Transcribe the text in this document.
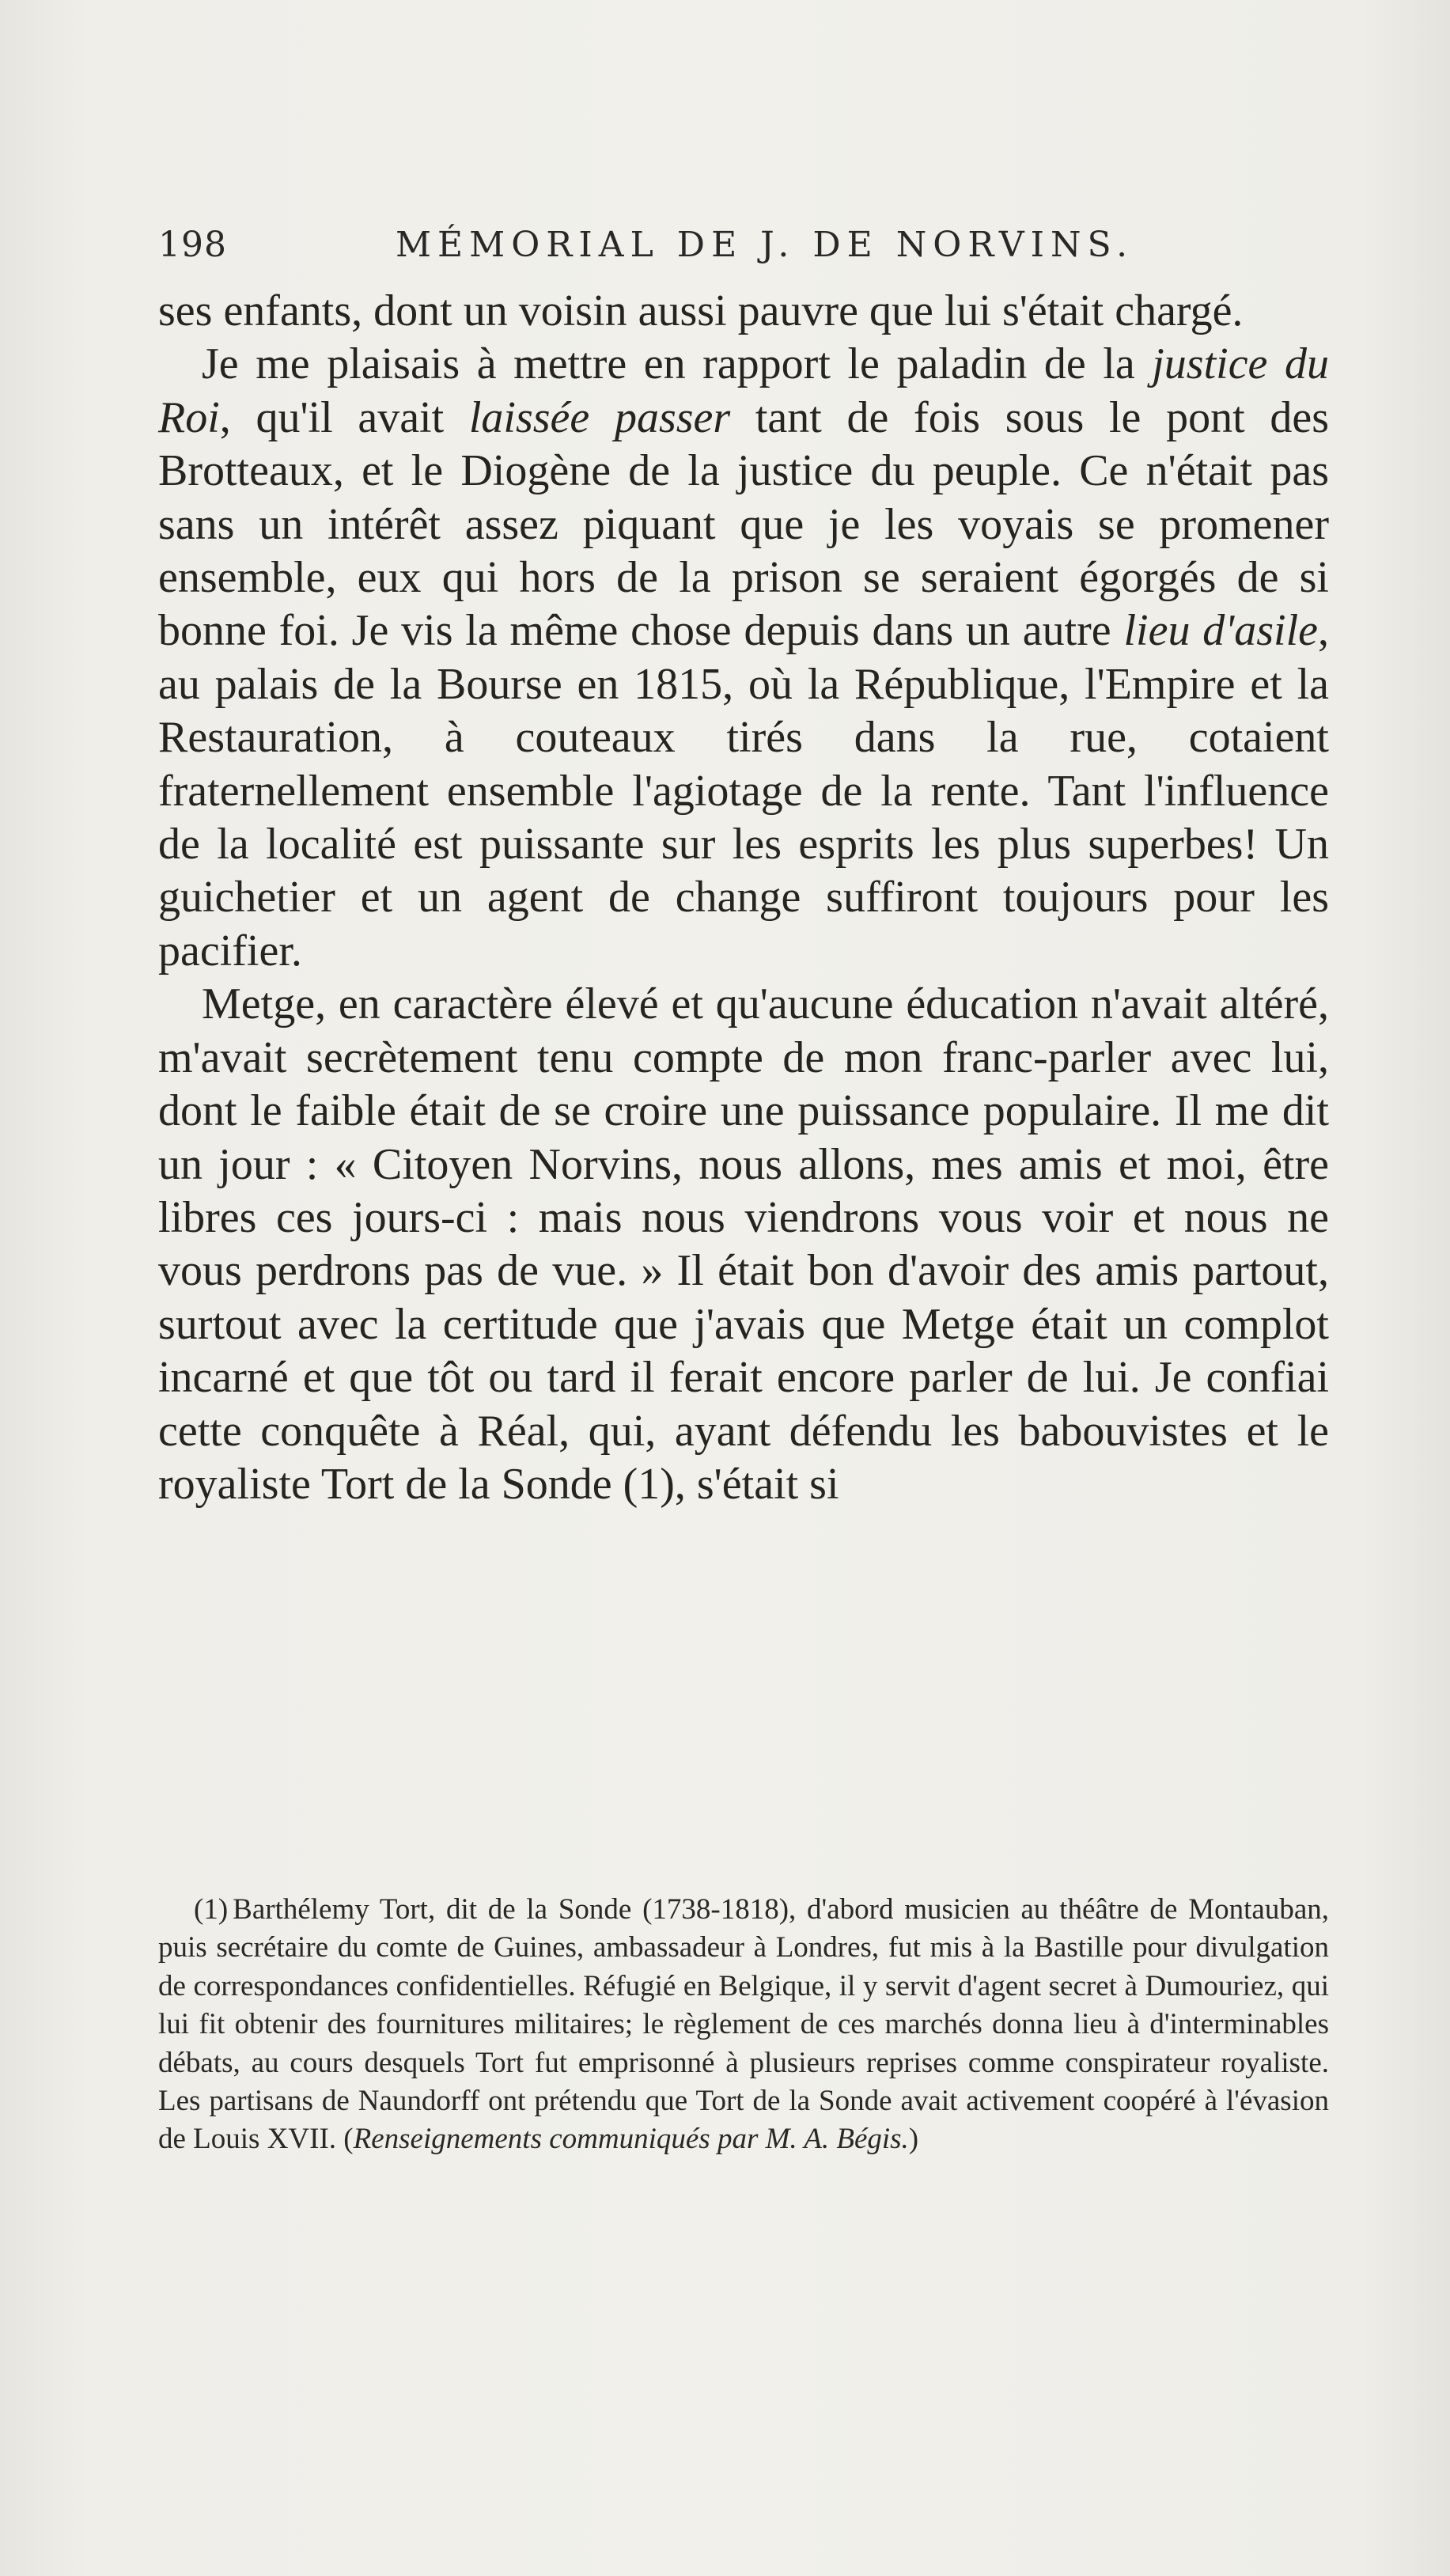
198	MÉMORIAL DE J. DE NORVINS.

ses enfants, dont un voisin aussi pauvre que lui s'était chargé.

Je me plaisais à mettre en rapport le paladin de la justice du Roi, qu'il avait laissée passer tant de fois sous le pont des Brotteaux, et le Diogène de la justice du peuple. Ce n'était pas sans un intérêt assez piquant que je les voyais se promener ensemble, eux qui hors de la prison se seraient égorgés de si bonne foi. Je vis la même chose depuis dans un autre lieu d'asile, au palais de la Bourse en 1815, où la République, l'Empire et la Restauration, à couteaux tirés dans la rue, cotaient fraternellement ensemble l'agiotage de la rente. Tant l'influence de la localité est puissante sur les esprits les plus superbes! Un guichetier et un agent de change suffiront toujours pour les pacifier.

Metge, en caractère élevé et qu'aucune éducation n'avait altéré, m'avait secrètement tenu compte de mon franc-parler avec lui, dont le faible était de se croire une puissance populaire. Il me dit un jour : « Citoyen Norvins, nous allons, mes amis et moi, être libres ces jours-ci : mais nous viendrons vous voir et nous ne vous perdrons pas de vue. » Il était bon d'avoir des amis partout, surtout avec la certitude que j'avais que Metge était un complot incarné et que tôt ou tard il ferait encore parler de lui. Je confiai cette conquête à Réal, qui, ayant défendu les babouvistes et le royaliste Tort de la Sonde (1), s'était si

(1) Barthélemy Tort, dit de la Sonde (1738-1818), d'abord musicien au théâtre de Montauban, puis secrétaire du comte de Guines, ambassadeur à Londres, fut mis à la Bastille pour divulgation de correspondances confidentielles. Réfugié en Belgique, il y servit d'agent secret à Dumouriez, qui lui fit obtenir des fournitures militaires; le règlement de ces marchés donna lieu à d'interminables débats, au cours desquels Tort fut emprisonné à plusieurs reprises comme conspirateur royaliste. Les partisans de Naundorff ont prétendu que Tort de la Sonde avait activement coopéré à l'évasion de Louis XVII. (Renseignements communiqués par M. A. Bégis.)
